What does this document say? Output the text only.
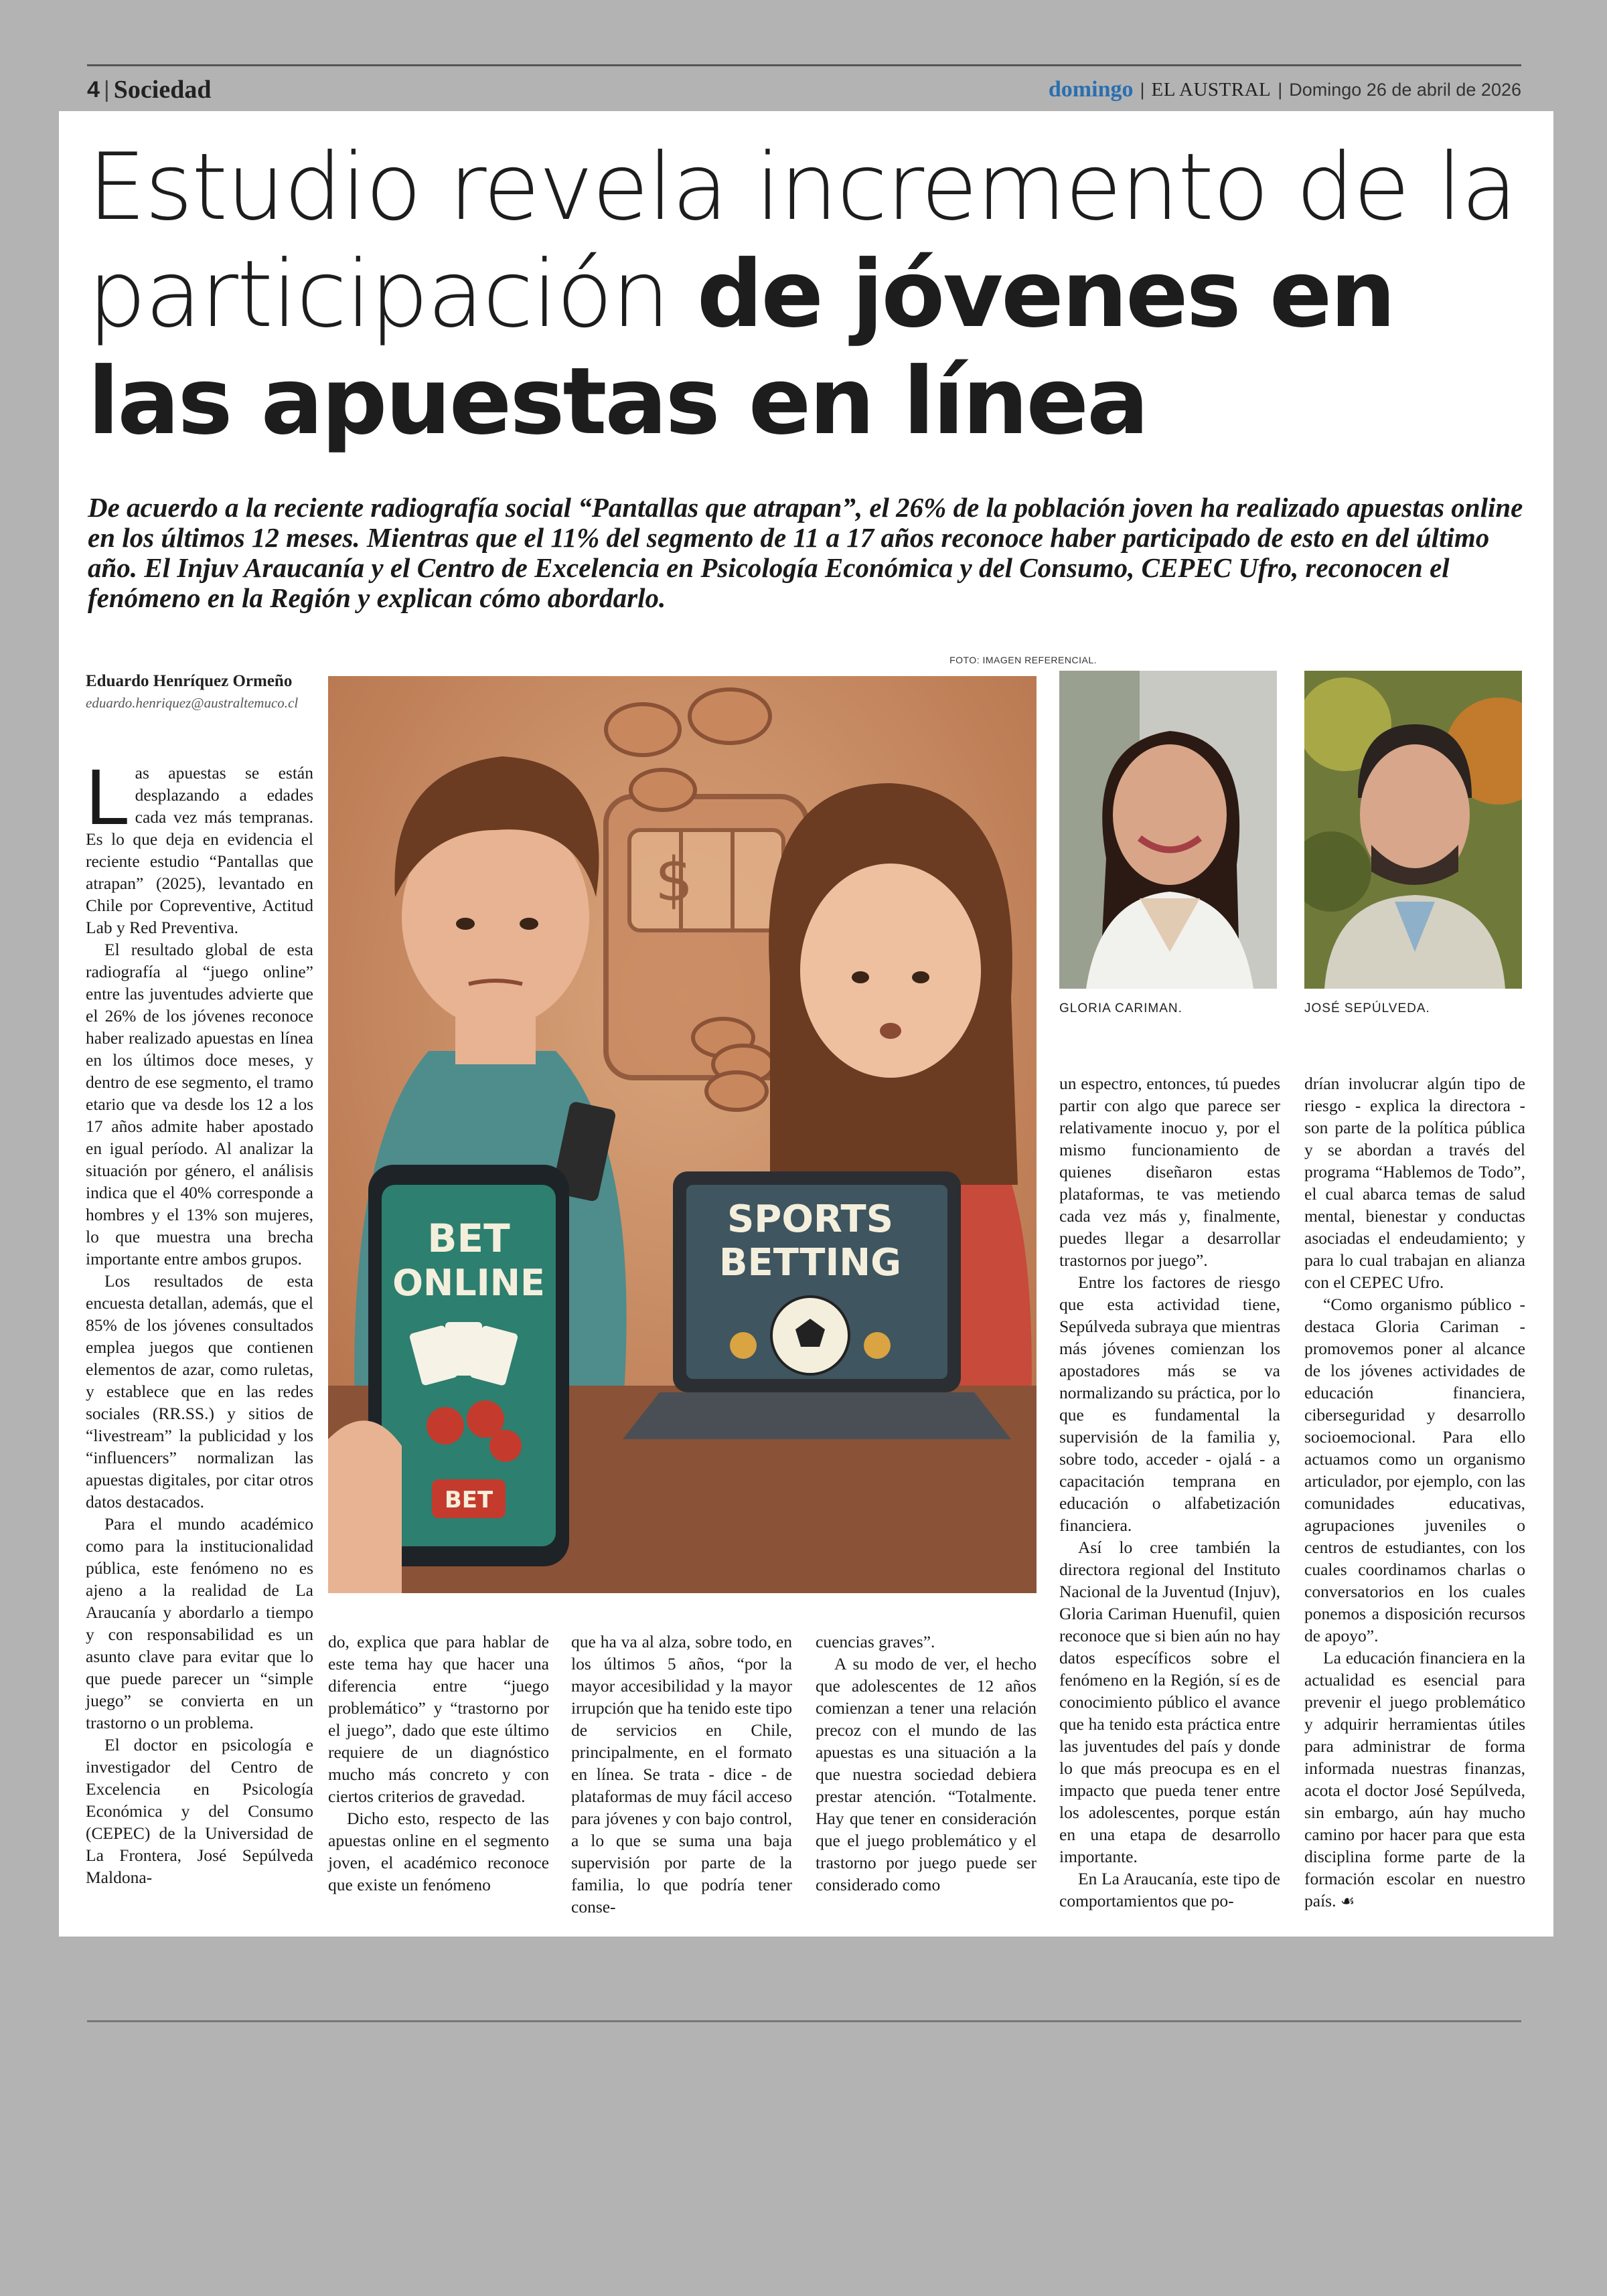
4 | Sociedad	domingo | EL AUSTRAL | Domingo 26 de abril de 2026
Estudio revela incremento de la participación de jóvenes en las apuestas en línea

De acuerdo a la reciente radiografía social “Pantallas que atrapan”, el 26% de la población joven ha realizado apuestas online en los últimos 12 meses. Mientras que el 11% del segmento de 11 a 17 años reconoce haber participado de esto en del último año. El Injuv Araucanía y el Centro de Excelencia en Psicología Económica y del Consumo, CEPEC Ufro, reconocen el fenómeno en la Región y explican cómo abordarlo.

FOTO: IMAGEN REFERENCIAL.
Eduardo Henríquez Ormeño
eduardo.henriquez@australtemuco.cl

Las apuestas se están desplazando a edades cada vez más tempranas. Es lo que deja en evidencia el reciente estudio “Pantallas que atrapan” (2025), levantado en Chile por Copreventive, Actitud Lab y Red Preventiva.

El resultado global de esta radiografía al “juego online” entre las juventudes advierte que el 26% de los jóvenes reconoce haber realizado apuestas en línea en los últimos doce meses, y dentro de ese segmento, el tramo etario que va desde los 12 a los 17 años admite haber apostado en igual período. Al analizar la situación por género, el análisis indica que el 40% corresponde a hombres y el 13% son mujeres, lo que muestra una brecha importante entre ambos grupos.

Los resultados de esta encuesta detallan, además, que el 85% de los jóvenes consultados emplea juegos que contienen elementos de azar, como ruletas, y establece que en las redes sociales (RR.SS.) y sitios de “livestream” la publicidad y los “influencers” normalizan las apuestas digitales, por citar otros datos destacados.

Para el mundo académico como para la institucionalidad pública, este fenómeno no es ajeno a la realidad de La Araucanía y abordarlo a tiempo y con responsabilidad es un asunto clave para evitar que lo que puede parecer un “simple juego” se convierta en un trastorno o un problema.

El doctor en psicología e investigador del Centro de Excelencia en Psicología Económica y del Consumo (CEPEC) de la Universidad de La Frontera, José Sepúlveda Maldona-

$
BET
ONLINE
BET
SPORTS
BETTING
GLORIA CARIMAN.	JOSÉ SEPÚLVEDA.

do, explica que para hablar de este tema hay que hacer una diferencia entre “juego problemático” y “trastorno por el juego”, dado que este último requiere de un diagnóstico mucho más concreto y con ciertos criterios de gravedad.

Dicho esto, respecto de las apuestas online en el segmento joven, el académico reconoce que existe un fenómeno

que ha va al alza, sobre todo, en los últimos 5 años, “por la mayor accesibilidad y la mayor irrupción que ha tenido este tipo de servicios en Chile, principalmente, en el formato en línea. Se trata - dice - de plataformas de muy fácil acceso para jóvenes y con bajo control, a lo que se suma una baja supervisión por parte de la familia, lo que podría tener conse-

cuencias graves”.

A su modo de ver, el hecho que adolescentes de 12 años comienzan a tener una relación precoz con el mundo de las apuestas es una situación a la que nuestra sociedad debiera prestar atención. “Totalmente. Hay que tener en consideración que el juego problemático y el trastorno por juego puede ser considerado como

un espectro, entonces, tú puedes partir con algo que parece ser relativamente inocuo y, por el mismo funcionamiento de quienes diseñaron estas plataformas, te vas metiendo cada vez más y, finalmente, puedes llegar a desarrollar trastornos por juego”.

Entre los factores de riesgo que esta actividad tiene, Sepúlveda subraya que mientras más jóvenes comienzan los apostadores más se va normalizando su práctica, por lo que es fundamental la supervisión de la familia y, sobre todo, acceder - ojalá - a capacitación temprana en educación o alfabetización financiera.

Así lo cree también la directora regional del Instituto Nacional de la Juventud (Injuv), Gloria Cariman Huenufil, quien reconoce que si bien aún no hay datos específicos sobre el fenómeno en la Región, sí es de conocimiento público el avance que ha tenido esta práctica entre las juventudes del país y donde lo que más preocupa es en el impacto que pueda tener entre los adolescentes, porque están en una etapa de desarrollo importante.

En La Araucanía, este tipo de comportamientos que po-

drían involucrar algún tipo de riesgo - explica la directora - son parte de la política pública y se abordan a través del programa “Hablemos de Todo”, el cual abarca temas de salud mental, bienestar y conductas asociadas el endeudamiento; y para lo cual trabajan en alianza con el CEPEC Ufro.

“Como organismo público - destaca Gloria Cariman - promovemos poner al alcance de los jóvenes actividades de educación financiera, ciberseguridad y desarrollo socioemocional. Para ello actuamos como un organismo articulador, por ejemplo, con las comunidades educativas, agrupaciones juveniles o centros de estudiantes, con los cuales coordinamos charlas o conversatorios en los cuales ponemos a disposición recursos de apoyo”.

La educación financiera en la actualidad es esencial para prevenir el juego problemático y adquirir herramientas útiles para administrar de forma informada nuestras finanzas, acota el doctor José Sepúlveda, sin embargo, aún hay mucho camino por hacer para que esta disciplina forme parte de la formación escolar en nuestro país. ☙
